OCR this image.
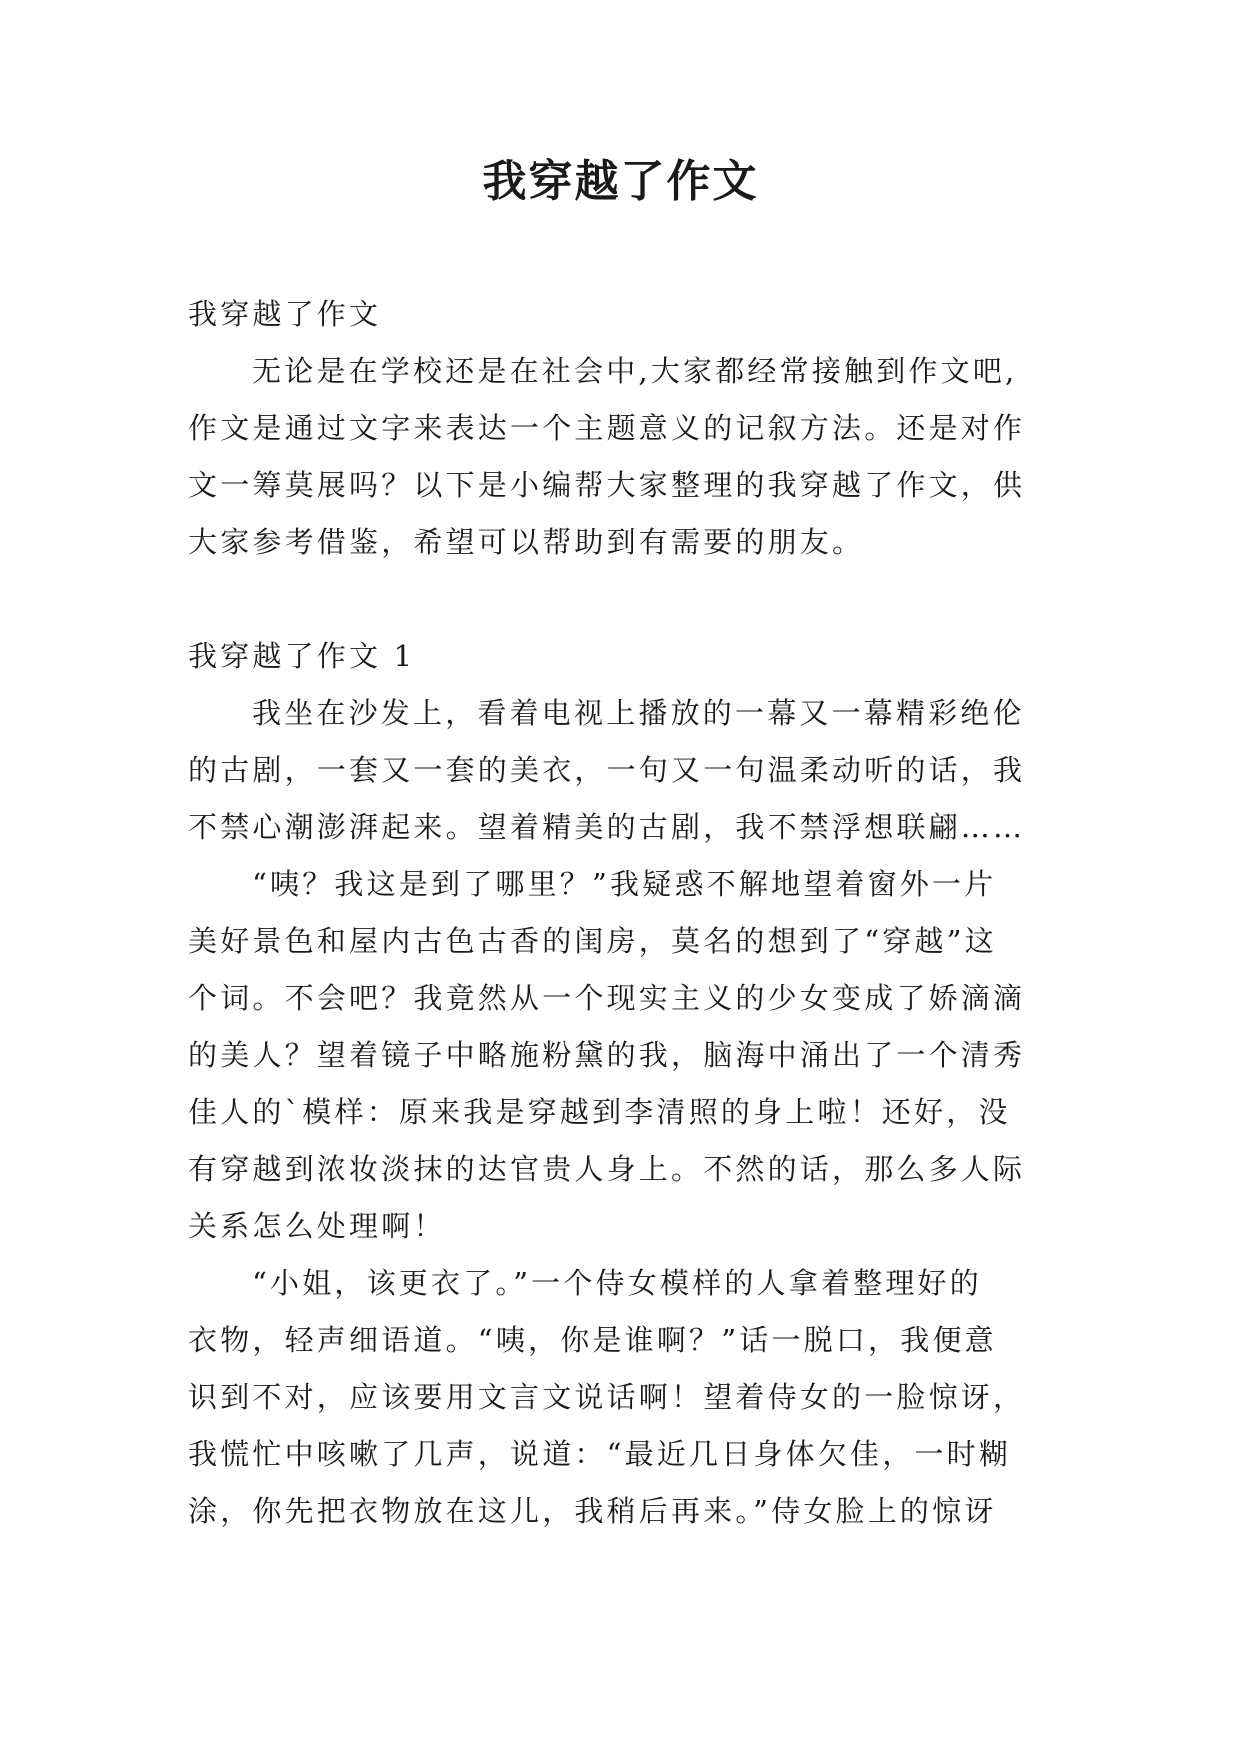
我穿越了作文

我穿越了作文

无论是在学校还是在社会中,大家都经常接触到作文吧,

作文是通过文字来表达一个主题意义的记叙方法。还是对作

文一筹莫展吗？以下是小编帮大家整理的我穿越了作文，供

大家参考借鉴，希望可以帮助到有需要的朋友。

我穿越了作文 1

我坐在沙发上，看着电视上播放的一幕又一幕精彩绝伦

的古剧，一套又一套的美衣，一句又一句温柔动听的话，我

不禁心潮澎湃起来。望着精美的古剧，我不禁浮想联翩……

“咦？我这是到了哪里？”我疑惑不解地望着窗外一片

美好景色和屋内古色古香的闺房，莫名的想到了“穿越”这

个词。不会吧？我竟然从一个现实主义的少女变成了娇滴滴

的美人？望着镜子中略施粉黛的我，脑海中涌出了一个清秀

佳人的`模样：原来我是穿越到李清照的身上啦！还好，没

有穿越到浓妆淡抹的达官贵人身上。不然的话，那么多人际

关系怎么处理啊！

“小姐，该更衣了。”一个侍女模样的人拿着整理好的

衣物，轻声细语道。“咦，你是谁啊？”话一脱口，我便意

识到不对，应该要用文言文说话啊！望着侍女的一脸惊讶，

我慌忙中咳嗽了几声，说道：“最近几日身体欠佳，一时糊

涂，你先把衣物放在这儿，我稍后再来。”侍女脸上的惊讶
